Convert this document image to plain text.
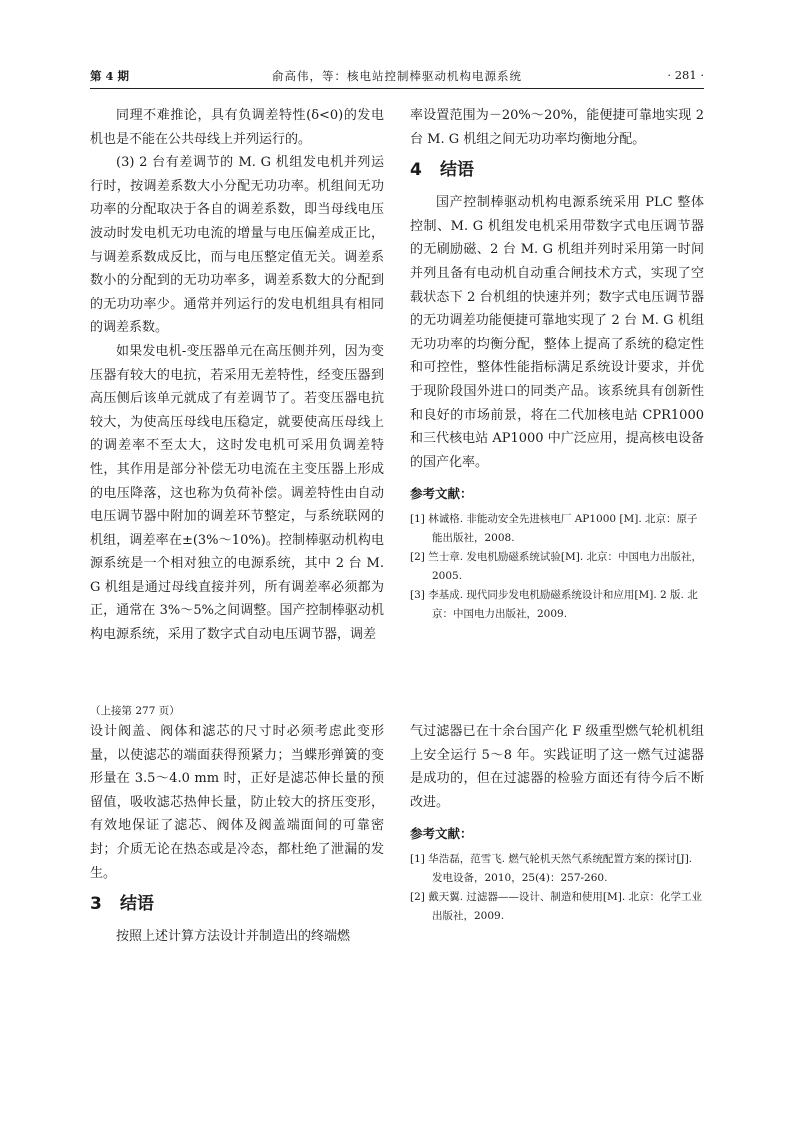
第 4 期	俞高伟，等：核电站控制棒驱动机构电源系统	· 281 ·

同理不难推论，具有负调差特性(δ<0)的发电机也是不能在公共母线上并列运行的。

(3) 2 台有差调节的 M. G 机组发电机并列运行时，按调差系数大小分配无功功率。机组间无功功率的分配取决于各自的调差系数，即当母线电压波动时发电机无功电流的增量与电压偏差成正比，与调差系数成反比，而与电压整定值无关。调差系数小的分配到的无功功率多，调差系数大的分配到的无功功率少。通常并列运行的发电机组具有相同的调差系数。

如果发电机-变压器单元在高压侧并列，因为变压器有较大的电抗，若采用无差特性，经变压器到高压侧后该单元就成了有差调节了。若变压器电抗较大，为使高压母线电压稳定，就要使高压母线上的调差率不至太大，这时发电机可采用负调差特性，其作用是部分补偿无功电流在主变压器上形成的电压降落，这也称为负荷补偿。调差特性由自动电压调节器中附加的调差环节整定，与系统联网的机组，调差率在±(3%～10%)。控制棒驱动机构电源系统是一个相对独立的电源系统，其中 2 台 M. G 机组是通过母线直接并列，所有调差率必须都为正，通常在 3%～5%之间调整。国产控制棒驱动机构电源系统，采用了数字式自动电压调节器，调差

率设置范围为－20%～20%，能便捷可靠地实现 2 台 M. G 机组之间无功功率均衡地分配。

4 结语

国产控制棒驱动机构电源系统采用 PLC 整体控制、M. G 机组发电机采用带数字式电压调节器的无刷励磁、2 台 M. G 机组并列时采用第一时间并列且备有电动机自动重合闸技术方式，实现了空载状态下 2 台机组的快速并列；数字式电压调节器的无功调差功能便捷可靠地实现了 2 台 M. G 机组无功功率的均衡分配，整体上提高了系统的稳定性和可控性，整体性能指标满足系统设计要求，并优于现阶段国外进口的同类产品。该系统具有创新性和良好的市场前景，将在二代加核电站 CPR1000 和三代核电站 AP1000 中广泛应用，提高核电设备的国产化率。

参考文献：
[1] 林诚格. 非能动安全先进核电厂 AP1000 [M]. 北京：原子能出版社，2008.
[2] 竺士章. 发电机励磁系统试验[M]. 北京：中国电力出版社，2005.
[3] 李基成. 现代同步发电机励磁系统设计和应用[M]. 2 版. 北京：中国电力出版社，2009.
（上接第 277 页）

设计阀盖、阀体和滤芯的尺寸时必须考虑此变形量，以使滤芯的端面获得预紧力；当蝶形弹簧的变形量在 3.5～4.0 mm 时，正好是滤芯伸长量的预留值，吸收滤芯热伸长量，防止较大的挤压变形，有效地保证了滤芯、阀体及阀盖端面间的可靠密封；介质无论在热态或是冷态，都杜绝了泄漏的发生。

3 结语

按照上述计算方法设计并制造出的终端燃

气过滤器已在十余台国产化 F 级重型燃气轮机机组上安全运行 5～8 年。实践证明了这一燃气过滤器是成功的，但在过滤器的检验方面还有待今后不断改进。

参考文献：
[1] 华浩磊，范雪飞. 燃气轮机天然气系统配置方案的探讨[J]. 发电设备，2010，25(4)：257-260.
[2] 戴天翼. 过滤器——设计、制造和使用[M]. 北京：化学工业出版社，2009.
